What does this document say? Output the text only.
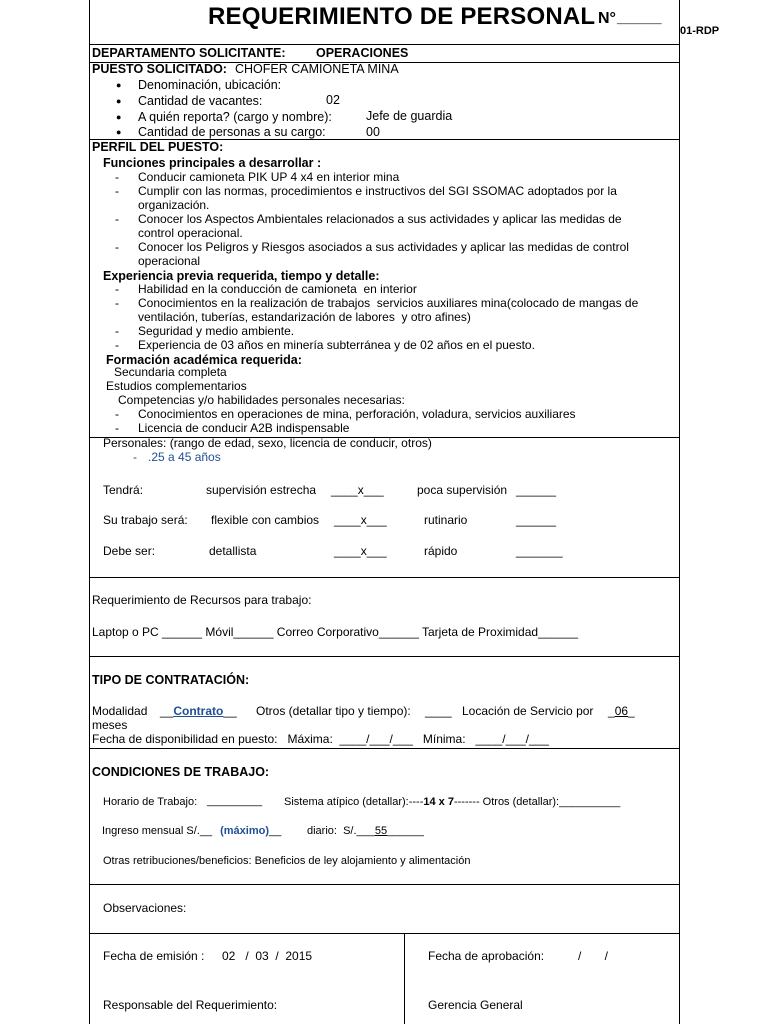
REQUERIMIENTO DE PERSONAL N° _____
01-RDP
DEPARTAMENTO SOLICITANTE: OPERACIONES
PUESTO SOLICITADO: CHOFER CAMIONETA MINA
● Denominación, ubicación:
● Cantidad de vacantes:	02
● A quién reporta? (cargo y nombre):	Jefe de guardia
● Cantidad de personas a su cargo:	00
PERFIL DEL PUESTO:
Funciones principales a desarrollar :
- Conducir camioneta PIK UP 4 x4 en interior mina
- Cumplir con las normas, procedimientos e instructivos del SGI SSOMAC adoptados por la
organización.
- Conocer los Aspectos Ambientales relacionados a sus actividades y aplicar las medidas de
control operacional.
- Conocer los Peligros y Riesgos asociados a sus actividades y aplicar las medidas de control
operacional
Experiencia previa requerida, tiempo y detalle:
- Habilidad en la conducción de camioneta  en interior
- Conocimientos en la realización de trabajos  servicios auxiliares mina(colocado de mangas de
ventilación, tuberías, estandarización de labores  y otro afines)
- Seguridad y medio ambiente.
- Experiencia de 03 años en minería subterránea y de 02 años en el puesto.
Formación académica requerida:
Secundaria completa
Estudios complementarios
Competencias y/o habilidades personales necesarias:
- Conocimientos en operaciones de mina, perforación, voladura, servicios auxiliares
- Licencia de conducir A2B indispensable
Personales: (rango de edad, sexo, licencia de conducir, otros)
- .25 a 45 años
Tendrá:	supervisión estrecha ____x___	poca supervisión ______
Su trabajo será: flexible con cambios ____x___	rutinario	______
Debe ser:	detallista	____x___	rápido	_______
Requerimiento de Recursos para trabajo:
Laptop o PC ______ Móvil______ Correo Corporativo______ Tarjeta de Proximidad______
TIPO DE CONTRATACIÓN:
Modalidad __Contrato__ Otros (detallar tipo y tiempo): ____ Locación de Servicio por _06_
meses
Fecha de disponibilidad en puesto:   Máxima:  ____/___/___   Mínima:   ____/___/___
CONDICIONES DE TRABAJO:
Horario de Trabajo: _________ Sistema atípico (detallar):----14 x 7------- Otros (detallar):__________
Ingreso mensual S/.__ (máximo)__ diario:  S/.___55______
Otras retribuciones/beneficios: Beneficios de ley alojamiento y alimentación
Observaciones:
Fecha de emisión : 02   /  03  /  2015	Fecha de aprobación:	/       /
Responsable del Requerimiento:	Gerencia General
